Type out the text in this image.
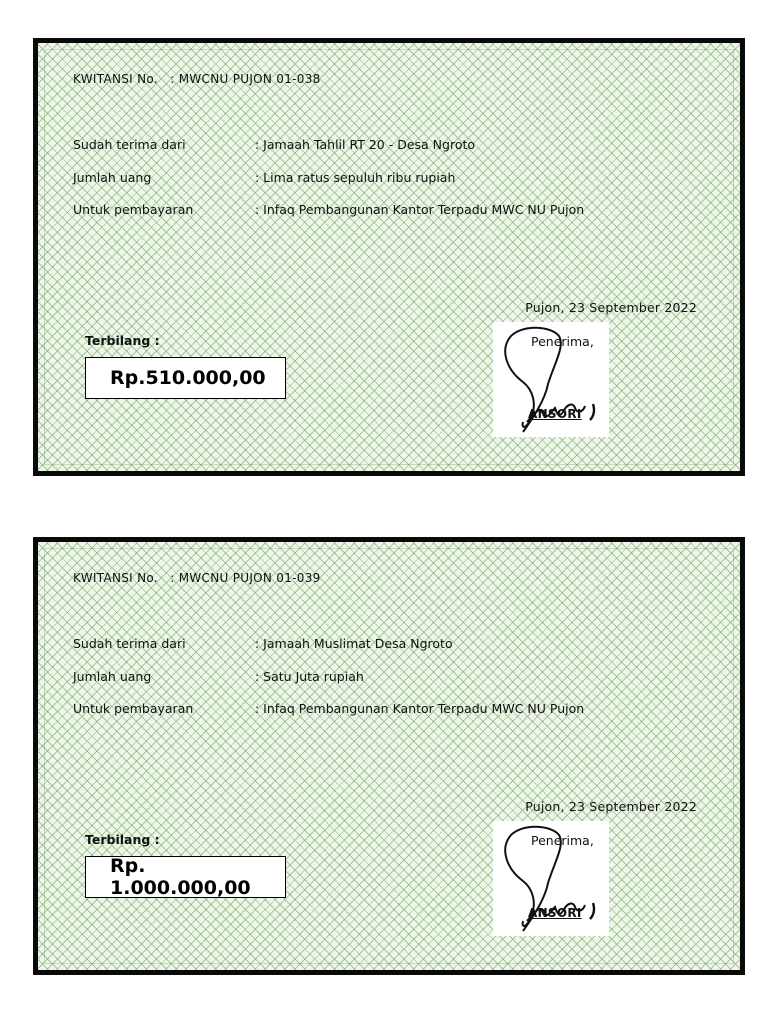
KWITANSI No. : MWCNU PUJON 01-038
Sudah terima dari	: Jamaah Tahlil RT 20 - Desa Ngroto
Jumlah uang	: Lima ratus sepuluh ribu rupiah
Untuk pembayaran	: Infaq Pembangunan Kantor Terpadu MWC NU Pujon
Pujon, 23 September 2022
Terbilang :
Rp.510.000,00
Penerima,
ANSORI
KWITANSI No. : MWCNU PUJON 01-039
Sudah terima dari	: Jamaah Muslimat Desa Ngroto
Jumlah uang	: Satu Juta rupiah
Untuk pembayaran	: Infaq Pembangunan Kantor Terpadu MWC NU Pujon
Pujon, 23 September 2022
Terbilang :
Rp. 1.000.000,00
Penerima,
ANSORI
